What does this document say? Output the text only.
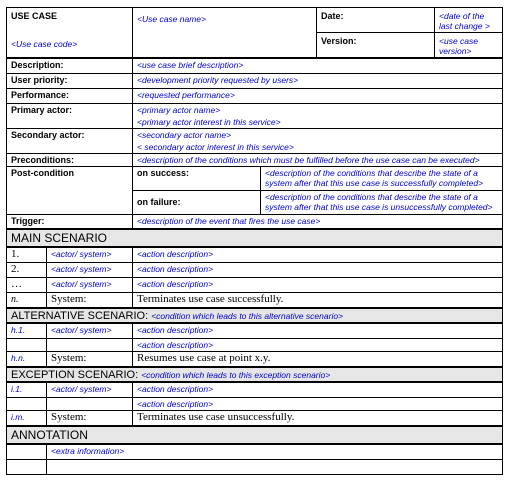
USE CASE		<Use case name>		Date:	<date of the last change >
<Use case code>				Version:	<use case version>
Description:		<use case brief description>			
User priority:		<development priority requested by users>			
Performance:		<requested performance>			
Primary actor:		<primary actor name>
<primary actor interest in this service>			

Secondary actor:		<secondary actor name>
< secondary actor interest in this service>			

Preconditions:		<description of the conditions which must be fulfilled before the use case can be executed>			
Post-condition		on success:	<description of the conditions that describe the state of a system after that this use case is successfully completed>		
		on failure:	<description of the conditions that describe the state of a system after that this use case is unsuccessfully completed>		
Trigger:		<description of the event that fires the use case>			
MAIN SCENARIO					
1.	<actor/ system>	<action description>			
2.	<actor/ system>	<action description>			
…	<actor/ system>	<action description>			
n.	System:	Terminates use case successfully.			
ALTERNATIVE SCENARIO: <condition which leads to this alternative scenario>					
h.1.	<actor/ system>	<action description>			
		<action description>			
h.n.	System:	Resumes use case at point x.y.			
EXCEPTION SCENARIO: <condition which leads to this exception scenario>					
i.1.	<actor/ system>	<action description>			
		<action description>			
i.m.	System:	Terminates use case unsuccessfully.			
ANNOTATION					
	<extra information>				
